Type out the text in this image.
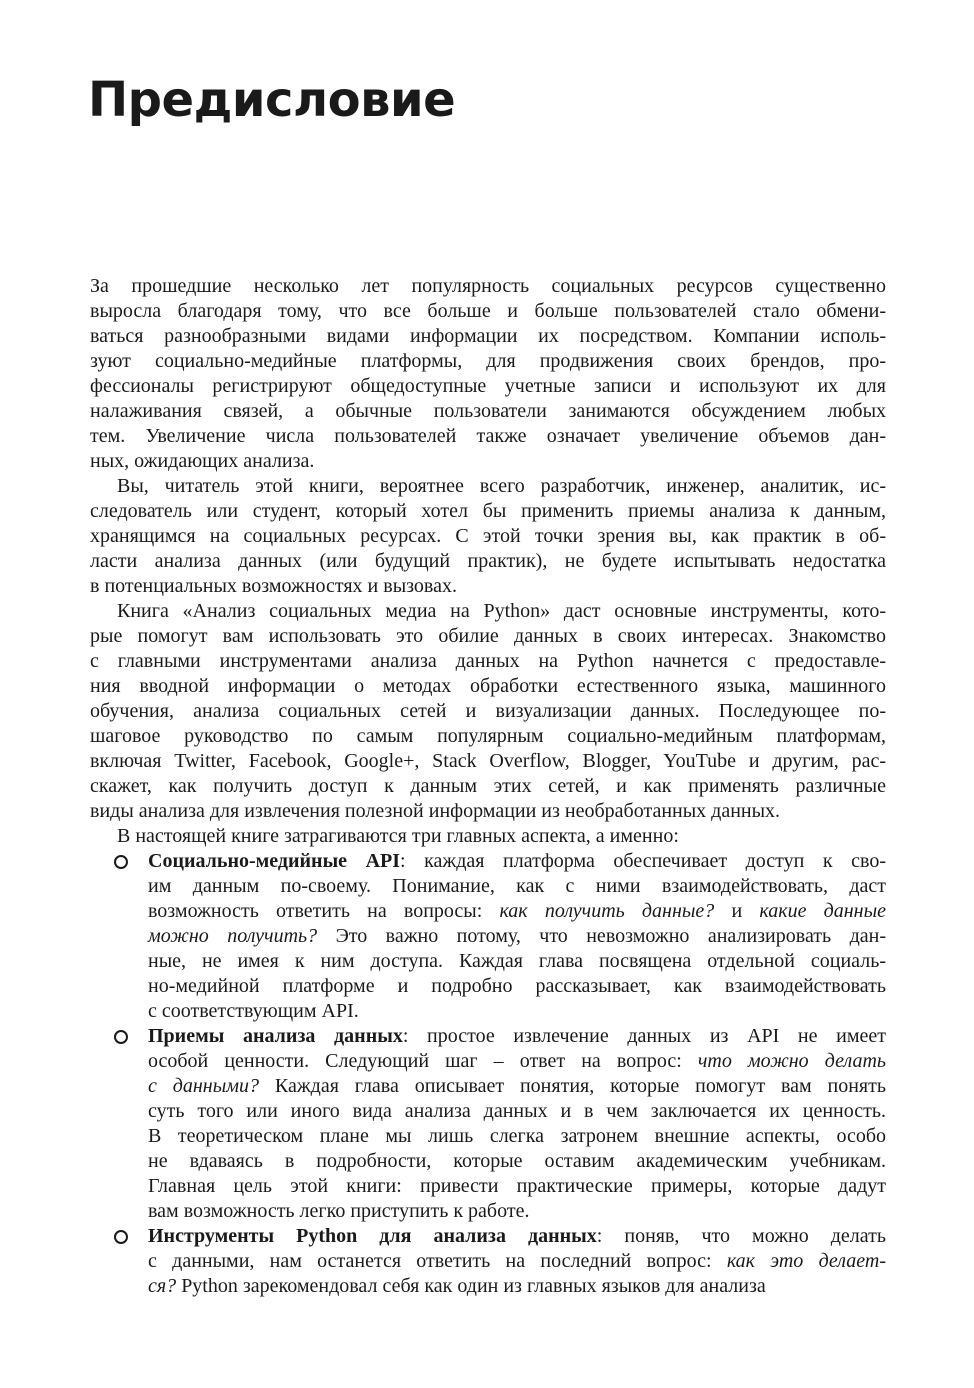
Предисловие
За прошедшие несколько лет популярность социальных ресурсов существенно
выросла благодаря тому, что все больше и больше пользователей стало обмени-
ваться разнообразными видами информации их посредством. Компании исполь-
зуют социально-медийные платформы, для продвижения своих брендов, про-
фессионалы регистрируют общедоступные учетные записи и используют их для
налаживания связей, а обычные пользователи занимаются обсуждением любых
тем. Увеличение числа пользователей также означает увеличение объемов дан-
ных, ожидающих анализа.
Вы, читатель этой книги, вероятнее всего разработчик, инженер, аналитик, ис-
следователь или студент, который хотел бы применить приемы анализа к данным,
хранящимся на социальных ресурсах. С этой точки зрения вы, как практик в об-
ласти анализа данных (или будущий практик), не будете испытывать недостатка
в потенциальных возможностях и вызовах.
Книга «Анализ социальных медиа на Python» даст основные инструменты, кото-
рые помогут вам использовать это обилие данных в своих интересах. Знакомство
с главными инструментами анализа данных на Python начнется с предоставле-
ния вводной информации о методах обработки естественного языка, машинного
обучения, анализа социальных сетей и визуализации данных. Последующее по-
шаговое руководство по самым популярным социально-медийным платформам,
включая Twitter, Facebook, Google+, Stack Overflow, Blogger, YouTube и другим, рас-
скажет, как получить доступ к данным этих сетей, и как применять различные
виды анализа для извлечения полезной информации из необработанных данных.
В настоящей книге затрагиваются три главных аспекта, а именно:
Социально-медийные API: каждая платформа обеспечивает доступ к сво-
им данным по-своему. Понимание, как с ними взаимодействовать, даст
возможность ответить на вопросы: как получить данные? и какие данные
можно получить? Это важно потому, что невозможно анализировать дан-
ные, не имея к ним доступа. Каждая глава посвящена отдельной социаль-
но-медийной платформе и подробно рассказывает, как взаимодействовать
с соответствующим API.
Приемы анализа данных: простое извлечение данных из API не имеет
особой ценности. Следующий шаг – ответ на вопрос: что можно делать
с данными? Каждая глава описывает понятия, которые помогут вам понять
суть того или иного вида анализа данных и в чем заключается их ценность.
В теоретическом плане мы лишь слегка затронем внешние аспекты, особо
не вдаваясь в подробности, которые оставим академическим учебникам.
Главная цель этой книги: привести практические примеры, которые дадут
вам возможность легко приступить к работе.
Инструменты Python для анализа данных: поняв, что можно делать
с данными, нам останется ответить на последний вопрос: как это делает-
ся? Python зарекомендовал себя как один из главных языков для анализа
